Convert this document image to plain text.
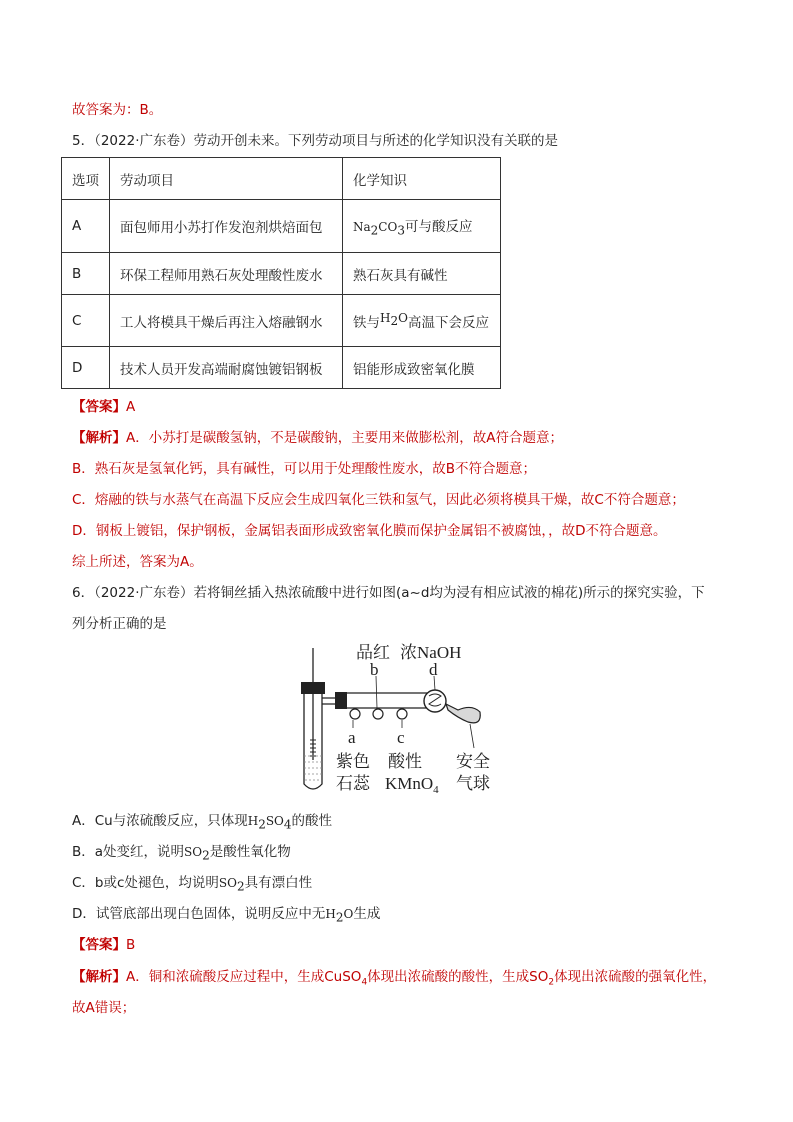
故答案为：B。
5．（2022·广东卷）劳动开创未来。下列劳动项目与所述的化学知识没有关联的是
选项	劳动项目	化学知识
A	面包师用小苏打作发泡剂烘焙面包	$Na_2CO_3$可与酸反应
B	环保工程师用熟石灰处理酸性废水	熟石灰具有碱性
C	工人将模具干燥后再注入熔融钢水	铁与$H_2O$高温下会反应
D	技术人员开发高端耐腐蚀镀铝钢板	铝能形成致密氧化膜
【答案】A
【解析】A．小苏打是碳酸氢钠，不是碳酸钠，主要用来做膨松剂，故A符合题意；
B．熟石灰是氢氧化钙，具有碱性，可以用于处理酸性废水，故B不符合题意；
C．熔融的铁与水蒸气在高温下反应会生成四氧化三铁和氢气，因此必须将模具干燥，故C不符合题意；
D．钢板上镀铝，保护钢板，金属铝表面形成致密氧化膜而保护金属铝不被腐蚀，，故D不符合题意。
综上所述，答案为A。
6．（2022·广东卷）若将铜丝插入热浓硫酸中进行如图(a~d均为浸有相应试液的棉花)所示的探究实验，下
列分析正确的是
品红 浓NaOH
b	d
a c
紫色
石蕊
酸性
KMnO$_4$
安全
气球
A．Cu与浓硫酸反应，只体现$H_2SO_4$的酸性
B．a处变红，说明$SO_2$是酸性氧化物
C．b或c处褪色，均说明$SO_2$具有漂白性
D．试管底部出现白色固体，说明反应中无$H_2O$生成
【答案】B
【解析】A．铜和浓硫酸反应过程中，生成CuSO$_4$体现出浓硫酸的酸性，生成$SO_2$体现出浓硫酸的强氧化性，
故A错误；
